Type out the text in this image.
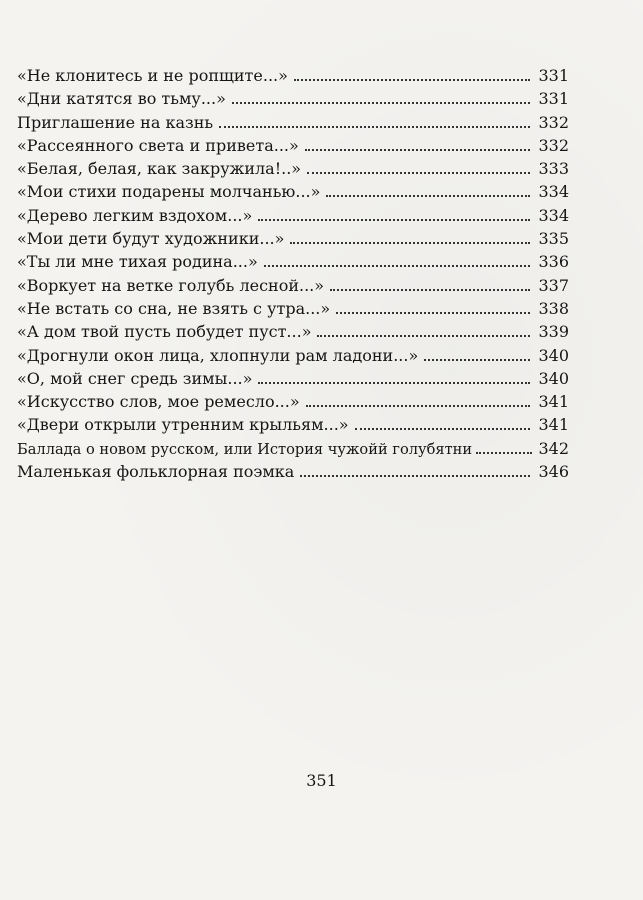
«Не клонитесь и не ропщите...»	331
«Дни катятся во тьму...»	331
Приглашение на казнь	332
«Рассеянного света и привета...»	332
«Белая, белая, как закружила!..»	333
«Мои стихи подарены молчанью...»	334
«Дерево легким вздохом...»	334
«Мои дети будут художники...»	335
«Ты ли мне тихая родина...»	336
«Воркует на ветке голубь лесной...»	337
«Не встать со сна, не взять с утра...»	338
«А дом твой пусть побудет пуст...»	339
«Дрогнули окон лица, хлопнули рам ладони...»	340
«О, мой снег средь зимы...»	340
«Искусство слов, мое ремесло...»	341
«Двери открыли утренним крыльям...»	341
Баллада о новом русском, или История чужойй голубятни	342
Маленькая фольклорная поэмка	346
351
